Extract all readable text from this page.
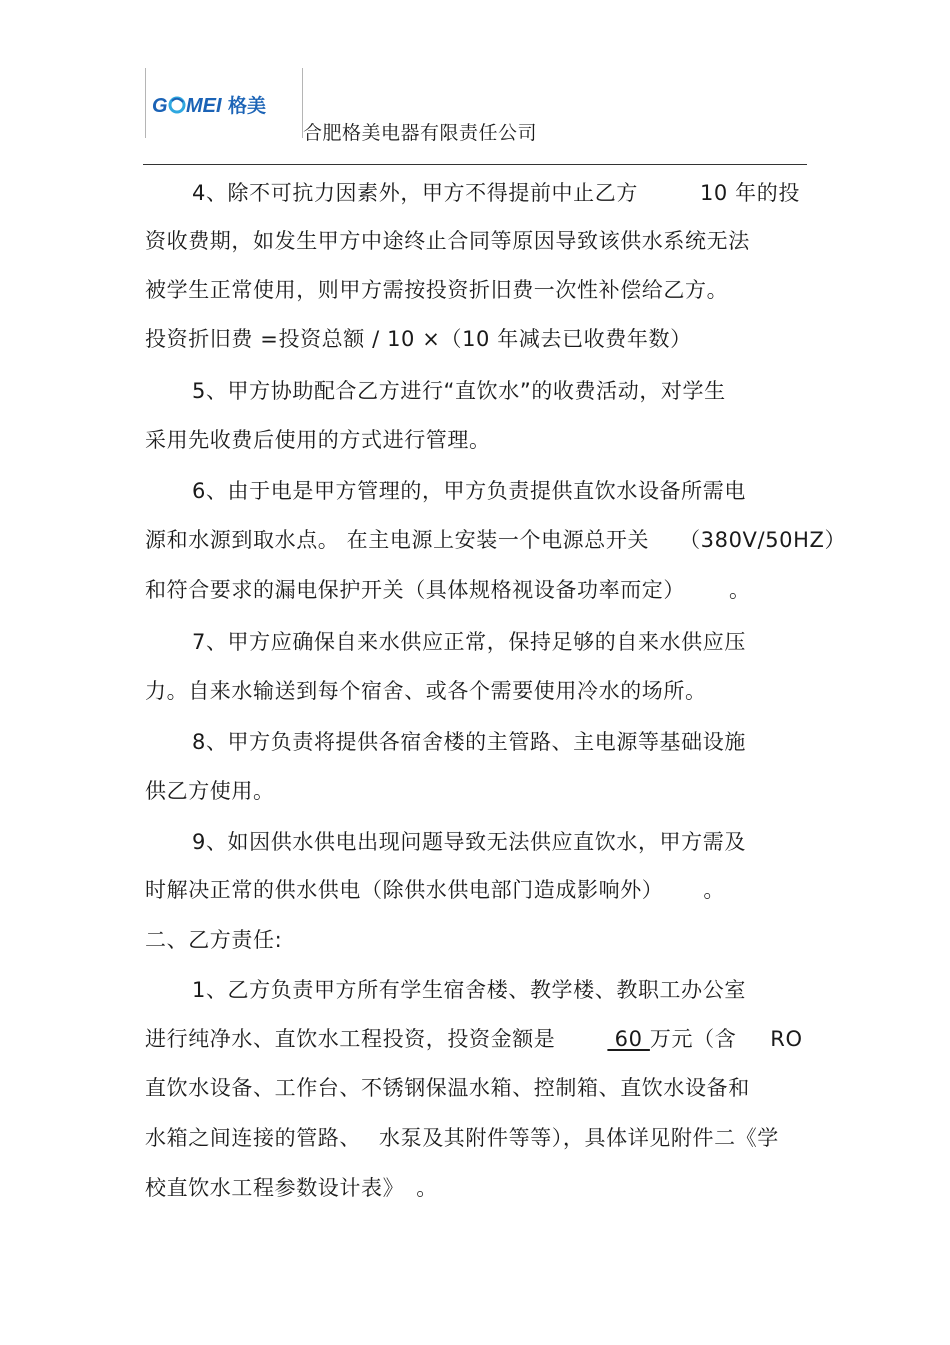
G MEI 格美
合肥格美电器有限责任公司
4、除不可抗力因素外，甲方不得提前中止乙方	10 年的投
资收费期，如发生甲方中途终止合同等原因导致该供水系统无法
被学生正常使用，则甲方需按投资折旧费一次性补偿给乙方。
投资折旧费 =投资总额 / 10 ×（10 年减去已收费年数）
5、甲方协助配合乙方进行“直饮水”的收费活动，对学生
采用先收费后使用的方式进行管理。
6、由于电是甲方管理的，甲方负责提供直饮水设备所需电
源和水源到取水点。 在主电源上安装一个电源总开关 （380V/50HZ）
和符合要求的漏电保护开关（具体规格视设备功率而定） 。
7、甲方应确保自来水供应正常，保持足够的自来水供应压
力。自来水输送到每个宿舍、或各个需要使用冷水的场所。
8、甲方负责将提供各宿舍楼的主管路、主电源等基础设施
供乙方使用。
9、如因供水供电出现问题导致无法供应直饮水，甲方需及
时解决正常的供水供电（除供水供电部门造成影响外） 。
二、乙方责任:
1、乙方负责甲方所有学生宿舍楼、教学楼、教职工办公室
进行纯净水、直饮水工程投资，投资金额是 60 万元（含 RO
直饮水设备、工作台、不锈钢保温水箱、控制箱、直饮水设备和
水箱之间连接的管路、 水泵及其附件等等），具体详见附件二《学
校直饮水工程参数设计表》 。
